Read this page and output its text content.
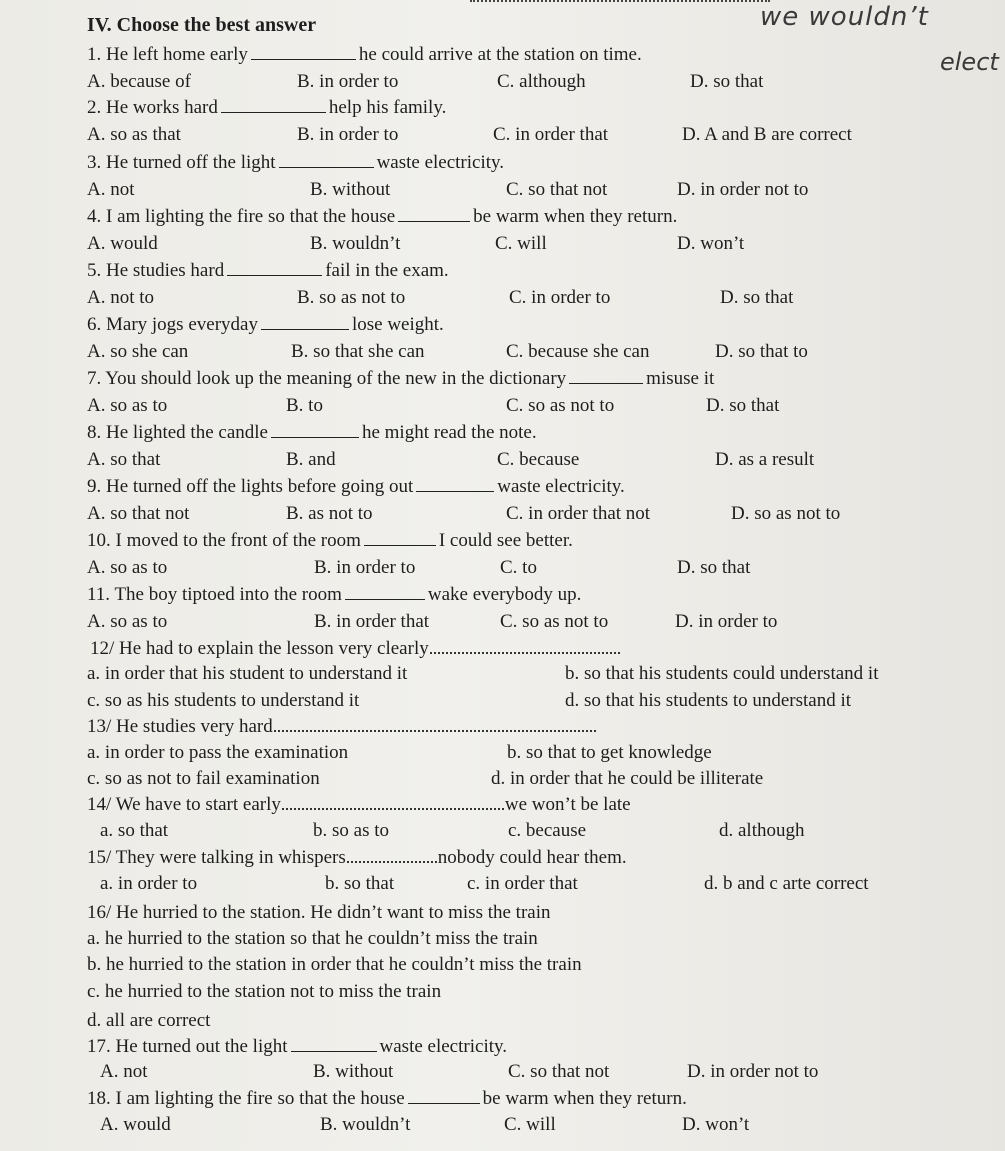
IV. Choose the best answer	we wouldn’t
elect
1. He left home early	he could arrive at the station on time.
A. because of	B. in order to	C. although	D. so that
2. He works hard	help his family.
A. so as that	B. in order to	C. in order that	D. A and B are correct
3. He turned off the light	waste electricity.
A. not	B. without	C. so that not	D. in order not to
4. I am lighting the fire so that the house	be warm when they return.
A. would	B. wouldn’t	C. will	D. won’t
5. He studies hard	fail in the exam.
A. not to	B. so as not to	C. in order to	D. so that
6. Mary jogs everyday	lose weight.
A. so she can	B. so that she can	C. because she can	D. so that to
7. You should look up the meaning of the new in the dictionary	misuse it
A. so as to	B. to	C. so as not to	D. so that
8. He lighted the candle	he might read the note.
A. so that	B. and	C. because	D. as a result
9. He turned off the lights before going out	waste electricity.
A. so that not	B. as not to	C. in order that not	D. so as not to
10. I moved to the front of the room	I could see better.
A. so as to	B. in order to	C. to	D. so that
11. The boy tiptoed into the room	wake everybody up.
A. so as to	B. in order that	C. so as not to	D. in order to
12/ He had to explain the lesson very clearly
a. in order that his student to understand it	b. so that his students could understand it
c. so as his students to understand it	d. so that his students to understand it
13/ He studies very hard
a. in order to pass the examination	b. so that to get knowledge
c. so as not to fail examination	d. in order that he could be illiterate
14/ We have to start early	we won’t be late
a. so that	b. so as to	c. because	d. although
15/ They were talking in whispers	nobody could hear them.
a. in order to	b. so that	c. in order that	d. b and c arte correct
16/ He hurried to the station. He didn’t want to miss the train
a. he hurried to the station so that he couldn’t miss the train
b. he hurried to the station in order that he couldn’t miss the train
c. he hurried to the station not to miss the train
d. all are correct
17. He turned out the light	waste electricity.
A. not	B. without	C. so that not	D. in order not to
18. I am lighting the fire so that the house	be warm when they return.
A. would	B. wouldn’t	C. will	D. won’t
